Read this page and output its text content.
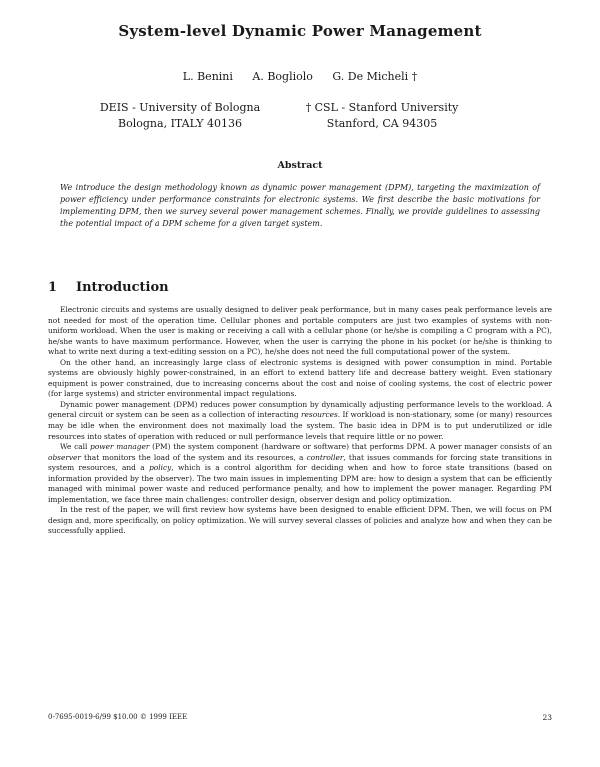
System-level Dynamic Power Management
L. Benini A. Bogliolo G. De Micheli †
DEIS - University of Bologna
Bologna, ITALY 40136
† CSL - Stanford University
Stanford, CA 94305
Abstract
We introduce the design methodology known as dynamic power management (DPM), targeting the maximization of power efficiency under performance constraints for electronic systems. We first describe the basic motivations for implementing DPM, then we survey several power management schemes. Finally, we provide guidelines to assessing the potential impact of a DPM scheme for a given target system.
1 Introduction

Electronic circuits and systems are usually designed to deliver peak performance, but in many cases peak performance levels are not needed for most of the operation time. Cellular phones and portable computers are just two examples of systems with non-uniform workload. When the user is making or receiving a call with a cellular phone (or he/she is compiling a C program with a PC), he/she wants to have maximum performance. However, when the user is carrying the phone in his pocket (or he/she is thinking to what to write next during a text-editing session on a PC), he/she does not need the full computational power of the system.

On the other hand, an increasingly large class of electronic systems is designed with power consumption in mind. Portable systems are obviously highly power-constrained, in an effort to extend battery life and decrease battery weight. Even stationary equipment is power constrained, due to increasing concerns about the cost and noise of cooling systems, the cost of electric power (for large systems) and stricter environmental impact regulations.

Dynamic power management (DPM) reduces power consumption by dynamically adjusting performance levels to the workload. A general circuit or system can be seen as a collection of interacting resources. If workload is non-stationary, some (or many) resources may be idle when the environment does not maximally load the system. The basic idea in DPM is to put underutilized or idle resources into states of operation with reduced or null performance levels that require little or no power.

We call power manager (PM) the system component (hardware or software) that performs DPM. A power manager consists of an observer that monitors the load of the system and its resources, a controller, that issues commands for forcing state transitions in system resources, and a policy, which is a control algorithm for deciding when and how to force state transitions (based on information provided by the observer). The two main issues in implementing DPM are: how to design a system that can be efficiently managed with minimal power waste and reduced performance penalty, and how to implement the power manager. Regarding PM implementation, we face three main challenges: controller design, observer design and policy optimization.

In the rest of the paper, we will first review how systems have been designed to enable efficient DPM. Then, we will focus on PM design and, more specifically, on policy optimization. We will survey several classes of policies and analyze how and when they can be successfully applied.

0-7695-0019-6/99 $10.00 © 1999 IEEE	23
